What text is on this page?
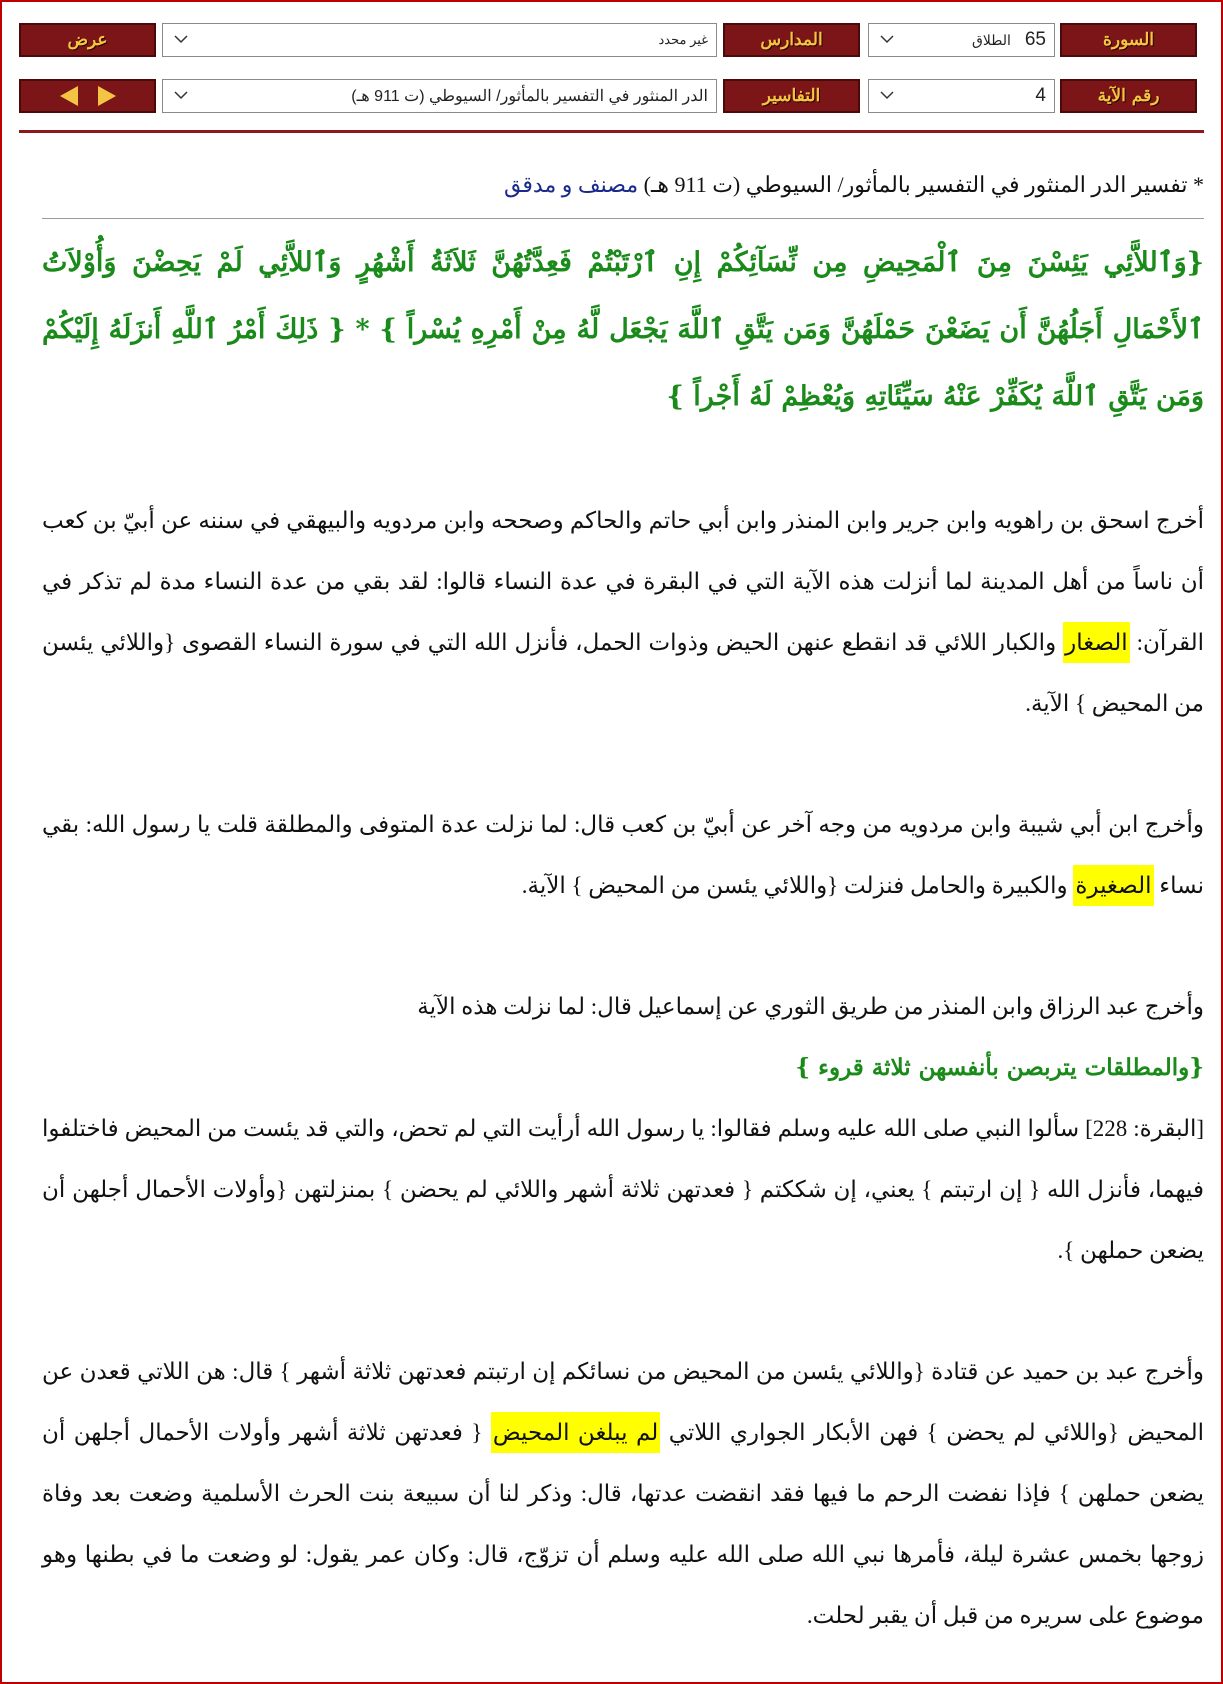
السورة
65
الطلاق
المدارس
غير محدد
عرض
رقم الآية
4
التفاسير
الدر المنثور في التفسير بالمأثور/ السيوطي (ت 911 هـ)
* تفسير الدر المنثور في التفسير بالمأثور/ السيوطي (ت 911 هـ) مصنف و مدقق
{وَٱللاَّئِي يَئِسْنَ مِنَ ٱلْمَحِيضِ مِن نِّسَآئِكُمْ إِنِ ٱرْتَبْتُمْ فَعِدَّتُهُنَّ ثَلاَثَةُ أَشْهُرٍ وَٱللاَّئِي لَمْ يَحِضْنَ وَأُوْلاَتُ ٱلأَحْمَالِ أَجَلُهُنَّ أَن يَضَعْنَ حَمْلَهُنَّ وَمَن يَتَّقِ ٱللَّهَ يَجْعَل لَّهُ مِنْ أَمْرِهِ يُسْراً } * { ذَلِكَ أَمْرُ ٱللَّهِ أَنزَلَهُ إِلَيْكُمْ وَمَن يَتَّقِ ٱللَّهَ يُكَفِّرْ عَنْهُ سَيِّئَاتِهِ وَيُعْظِمْ لَهُ أَجْراً }
أخرج اسحق بن راهويه وابن جرير وابن المنذر وابن أبي حاتم والحاكم وصححه وابن مردويه والبيهقي في سننه عن أبيّ بن كعب أن ناساً من أهل المدينة لما أنزلت هذه الآية التي في البقرة في عدة النساء قالوا: لقد بقي من عدة النساء مدة لم تذكر في القرآن: الصغار والكبار اللائي قد انقطع عنهن الحيض وذوات الحمل، فأنزل الله التي في سورة النساء القصوى {واللائي يئسن من المحيض } الآية.
وأخرج ابن أبي شيبة وابن مردويه من وجه آخر عن أبيّ بن كعب قال: لما نزلت عدة المتوفى والمطلقة قلت يا رسول الله: بقي نساء الصغيرة والكبيرة والحامل فنزلت {واللائي يئسن من المحيض } الآية.
وأخرج عبد الرزاق وابن المنذر من طريق الثوري عن إسماعيل قال: لما نزلت هذه الآية
{والمطلقات يتربصن بأنفسهن ثلاثة قروء }
[البقرة: 228] سألوا النبي صلى الله عليه وسلم فقالوا: يا رسول الله أرأيت التي لم تحض، والتي قد يئست من المحيض فاختلفوا فيهما، فأنزل الله { إن ارتبتم } يعني، إن شككتم { فعدتهن ثلاثة أشهر واللائي لم يحضن } بمنزلتهن {وأولات الأحمال أجلهن أن يضعن حملهن }.
وأخرج عبد بن حميد عن قتادة {واللائي يئسن من المحيض من نسائكم إن ارتبتم فعدتهن ثلاثة أشهر } قال: هن اللاتي قعدن عن المحيض {واللائي لم يحضن } فهن الأبكار الجواري اللاتي لم يبلغن المحيض { فعدتهن ثلاثة أشهر وأولات الأحمال أجلهن أن يضعن حملهن } فإذا نفضت الرحم ما فيها فقد انقضت عدتها، قال: وذكر لنا أن سبيعة بنت الحرث الأسلمية وضعت بعد وفاة زوجها بخمس عشرة ليلة، فأمرها نبي الله صلى الله عليه وسلم أن تزوّج، قال: وكان عمر يقول: لو وضعت ما في بطنها وهو موضوع على سريره من قبل أن يقبر لحلت.
